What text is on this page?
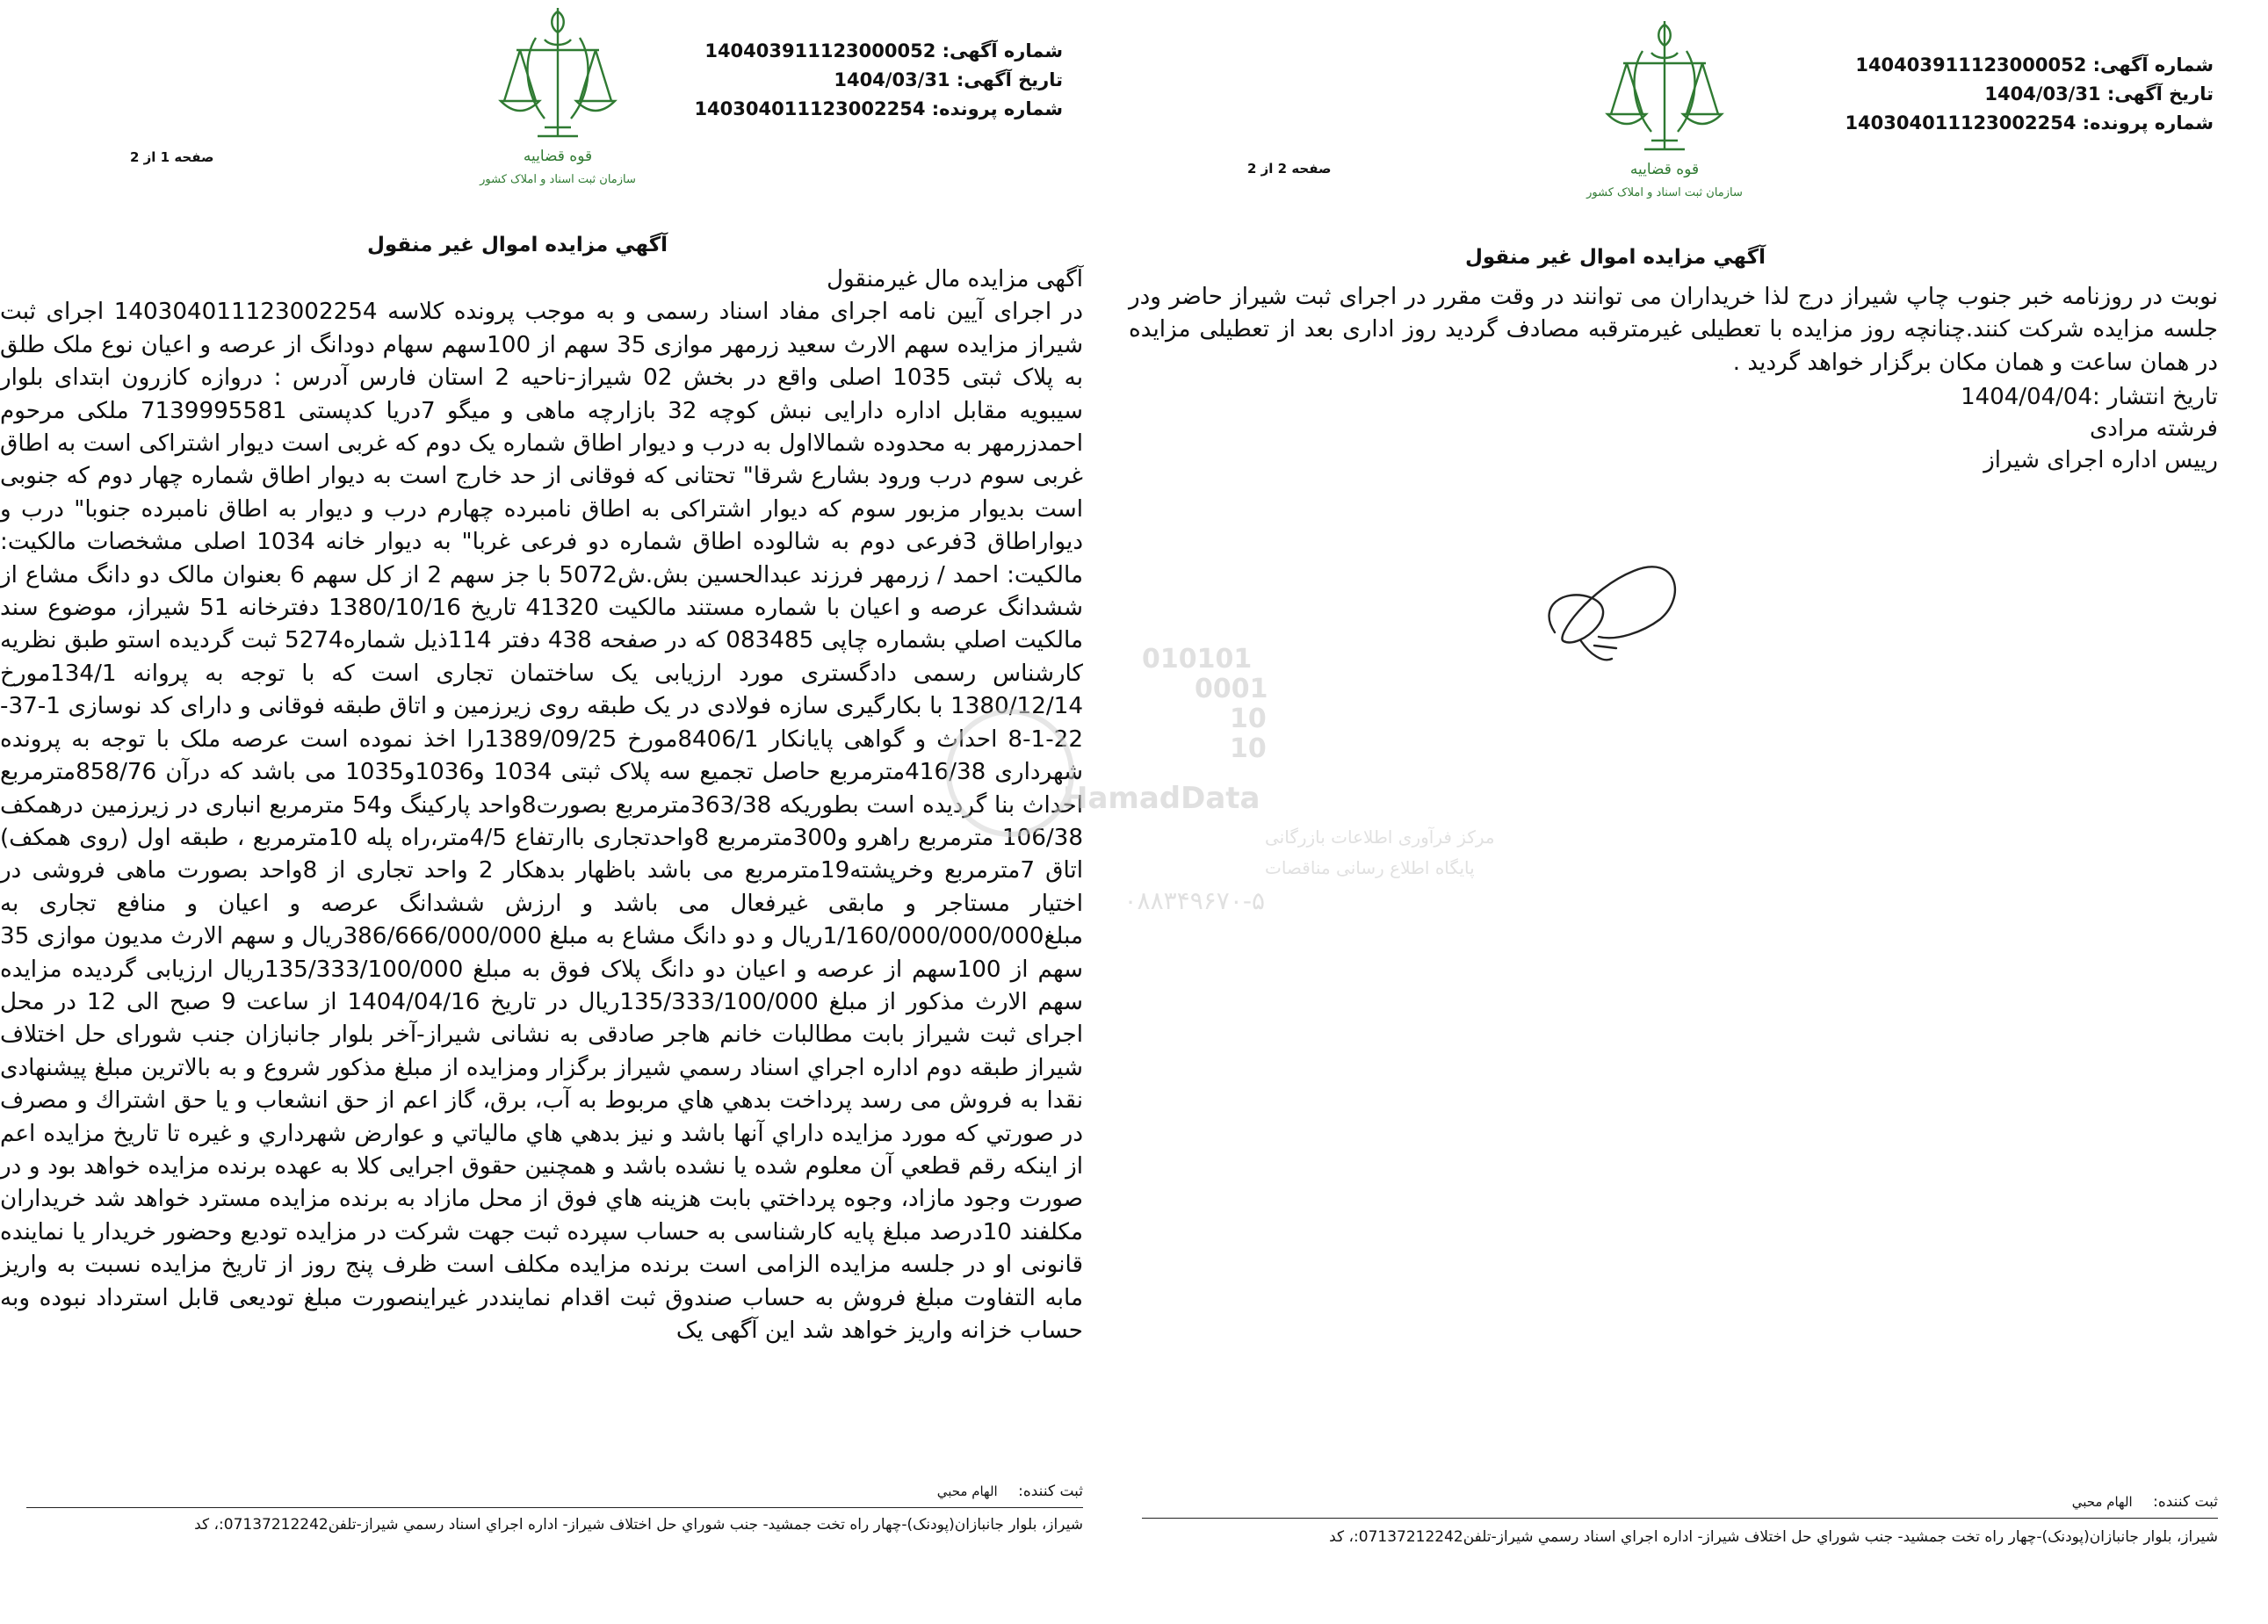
شماره آگهی: 140403911123000052
تاریخ آگهی: 1404/03/31
شماره پرونده: 140304011123002254
قوه قضاییه
سازمان ثبت اسناد و املاک کشور
صفحه 2 از 2
آگهي مزايده اموال غير منقول
نوبت در روزنامه خبر جنوب چاپ شیراز درج لذا خریداران می توانند در وقت مقرر در اجرای ثبت شیراز حاضر ودر جلسه مزایده شرکت کنند.چنانچه روز مزایده با تعطیلی غیرمترقبه مصادف گردید روز اداری بعد از تعطیلی مزایده در همان ساعت و همان مکان برگزار خواهد گردید .
تاریخ انتشار :1404/04/04
فرشته مرادی
رییس اداره اجرای شیراز
ثبت کننده: الهام محبي
شیراز، بلوار جانبازان(پودنک)-چهار راه تخت جمشید- جنب شوراي حل اختلاف شیراز- اداره اجراي اسناد رسمي شیراز-تلفن07137212242:، كد
شماره آگهی: 140403911123000052
تاریخ آگهی: 1404/03/31
شماره پرونده: 140304011123002254
قوه قضاییه
سازمان ثبت اسناد و املاک کشور
صفحه 1 از 2
آگهي مزايده اموال غير منقول
آگهی مزایده مال غیرمنقول
در اجرای آیین نامه اجرای مفاد اسناد رسمی و به موجب پرونده کلاسه 140304011123002254 اجرای ثبت شیراز مزایده سهم الارث سعید زرمهر موازی 35 سهم از 100سهم سهام دودانگ از عرصه و اعیان نوع ملک طلق به پلاک ثبتی 1035 اصلی واقع در بخش 02 شیراز-ناحیه 2 استان فارس آدرس : دروازه کازرون ابتدای بلوار سیبویه مقابل اداره دارایی نبش کوچه 32 بازارچه ماهی و میگو 7دریا کدپستی 7139995581 ملکی مرحوم احمدزرمهر به محدوده شمالااول به درب و دیوار اطاق شماره یک دوم که غربی است دیوار اشتراکی است به اطاق غربی سوم درب ورود بشارع شرقا" تحتانی که فوقانی از حد خارج است به دیوار اطاق شماره چهار دوم که جنوبی است بدیوار مزبور سوم که دیوار اشتراکی به اطاق نامبرده چهارم درب و دیوار به اطاق نامبرده جنوبا" درب و دیواراطاق 3فرعی دوم به شالوده اطاق شماره دو فرعی غربا" به دیوار خانه 1034 اصلی مشخصات مالکیت: مالکیت: احمد / زرمهر فرزند عبدالحسین بش.ش5072 با جز سهم 2 از کل سهم 6 بعنوان مالک دو دانگ مشاع از ششدانگ عرصه و اعیان با شماره مستند مالکیت 41320 تاریخ 1380/10/16 دفترخانه 51 شیراز، موضوع سند مالكيت اصلي بشماره چاپی 083485 که در صفحه 438 دفتر 114ذیل شماره5274 ثبت گردیده استو طبق نظریه کارشناس رسمی دادگستری مورد ارزیابی یک ساختمان تجاری است که با توجه به پروانه 134/1مورخ 1380/12/14 با بکارگیری سازه فولادی در یک طبقه روی زیرزمین و اتاق طبقه فوقانی و دارای کد نوسازی 1-37-22-1-8 احداث و گواهی پایانکار 8406/1مورخ 1389/09/25را اخذ نموده است عرصه ملک با توجه به پرونده شهرداری 416/38مترمربع حاصل تجمیع سه پلاک ثبتی 1034 و1036و1035 می باشد که درآن 858/76مترمربع احداث بنا گردیده است بطوریکه 363/38مترمربع بصورت8واحد پارکینگ و54 مترمربع انباری در زیرزمین درهمکف 106/38 مترمربع راهرو و300مترمربع 8واحدتجاری باارتفاع 4/5متر،راه پله 10مترمربع ، طبقه اول (روی همکف) اتاق 7مترمربع وخرپشته19مترمربع می باشد باظهار بدهکار 2 واحد تجاری از 8واحد بصورت ماهی فروشی در اختیار مستاجر و مابقی غیرفعال می باشد و ارزش ششدانگ عرصه و اعیان و منافع تجاری به مبلغ1/160/000/000/000ریال و دو دانگ مشاع به مبلغ 386/666/000/000ریال و سهم الارث مدیون موازی 35 سهم از 100سهم از عرصه و اعیان دو دانگ پلاک فوق به مبلغ 135/333/100/000ریال ارزیابی گردیده مزایده سهم الارث مذکور از مبلغ 135/333/100/000ریال در تاریخ 1404/04/16 از ساعت 9 صبح الی 12 در محل اجرای ثبت شیراز بابت مطالبات خانم هاجر صادقی به نشانی شیراز-آخر بلوار جانبازان جنب شورای حل اختلاف شیراز طبقه دوم اداره اجراي اسناد رسمي شیراز برگزار ومزايده از مبلغ مذکور شروع و به بالاترين مبلغ پيشنهادی نقدا به فروش می رسد پرداخت بدهي هاي مربوط به آب، برق، گاز اعم از حق انشعاب و يا حق اشتراك و مصرف در صورتي كه مورد مزايده داراي آنها باشد و نيز بدهي هاي مالياتي و عوارض شهرداري و غيره تا تاريخ مزايده اعم از اينكه رقم قطعي آن معلوم شده يا نشده باشد و همچنين حقوق اجرايی كلا به عهده برنده مزايده خواهد بود و در صورت وجود مازاد، وجوه پرداختي بابت هزينه هاي فوق از محل مازاد به برنده مزايده مسترد خواهد شد خریداران مکلفند 10درصد مبلغ پایه کارشناسی به حساب سپرده ثبت جهت شرکت در مزایده تودیع وحضور خریدار یا نماینده قانونی او در جلسه مزایده الزامی است برنده مزایده مکلف است ظرف پنج روز از تاریخ مزایده نسبت به واریز مابه التفاوت مبلغ فروش به حساب صندوق ثبت اقدام نماینددر غیراینصورت مبلغ تودیعی قابل استرداد نبوده وبه حساب خزانه واریز خواهد شد این آگهی یک
ثبت کننده: الهام محبي
شیراز، بلوار جانبازان(پودنک)-چهار راه تخت جمشید- جنب شوراي حل اختلاف شیراز- اداره اجراي اسناد رسمي شیراز-تلفن07137212242:، كد
010101
0001
10
10
HamadData
مرکز فرآوری اطلاعات بازرگانی
پایگاه اطلاع رسانی مناقصات
۰۸۸۳۴۹۶۷۰-۵
